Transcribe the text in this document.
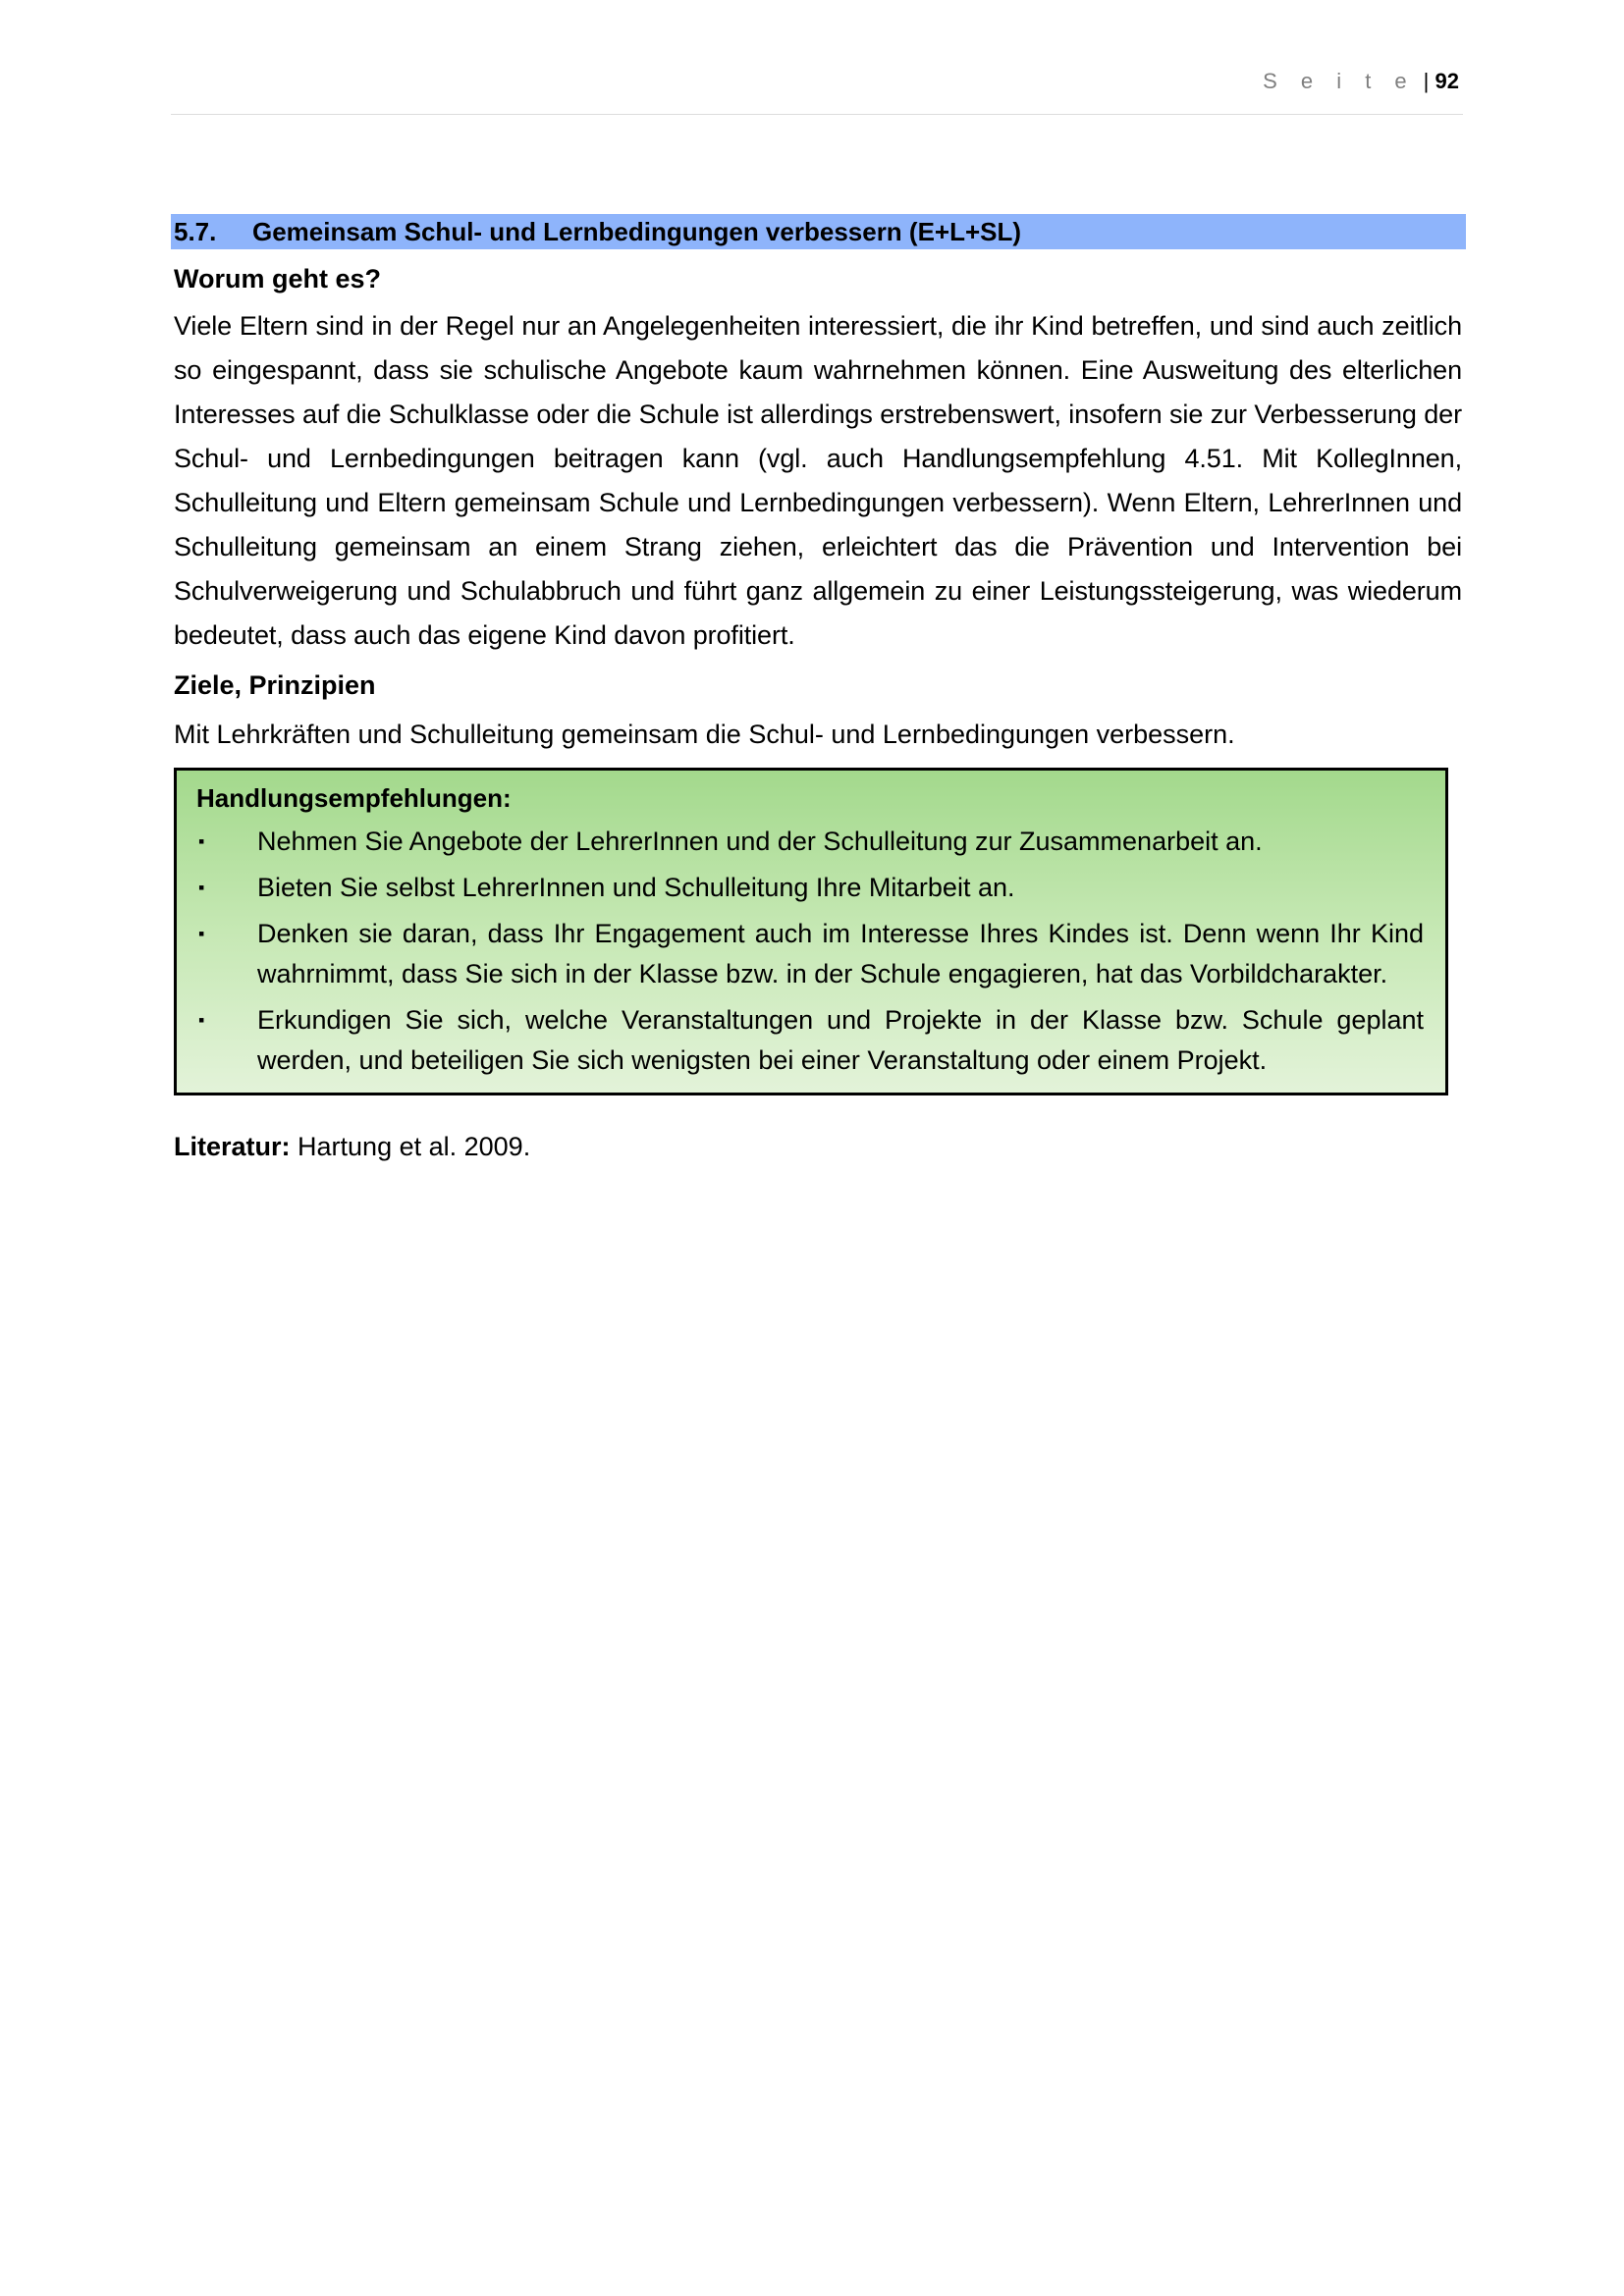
S e i t e | 92
5.7.	Gemeinsam Schul- und Lernbedingungen verbessern (E+L+SL)
Worum geht es?
Viele Eltern sind in der Regel nur an Angelegenheiten interessiert, die ihr Kind betreffen, und sind auch zeitlich so eingespannt, dass sie schulische Angebote kaum wahrnehmen können. Eine Ausweitung des elterlichen Interesses auf die Schulklasse oder die Schule ist allerdings erstrebenswert, insofern sie zur Verbesserung der Schul- und Lernbedingungen beitragen kann (vgl. auch Handlungsempfehlung 4.51. Mit KollegInnen, Schulleitung und Eltern gemeinsam Schule und Lernbedingungen verbessern). Wenn Eltern, LehrerInnen und Schulleitung gemeinsam an einem Strang ziehen, erleichtert das die Prävention und Intervention bei Schulverweigerung und Schulabbruch und führt ganz allgemein zu einer Leistungssteigerung, was wiederum bedeutet, dass auch das eigene Kind davon profitiert.
Ziele, Prinzipien
Mit Lehrkräften und Schulleitung gemeinsam die Schul- und Lernbedingungen verbessern.
Handlungsempfehlungen:
▪ Nehmen Sie Angebote der LehrerInnen und der Schulleitung zur Zusammenarbeit an.
▪ Bieten Sie selbst LehrerInnen und Schulleitung Ihre Mitarbeit an.
▪ Denken sie daran, dass Ihr Engagement auch im Interesse Ihres Kindes ist. Denn wenn Ihr Kind wahrnimmt, dass Sie sich in der Klasse bzw. in der Schule engagieren, hat das Vorbildcharakter.
▪ Erkundigen Sie sich, welche Veranstaltungen und Projekte in der Klasse bzw. Schule geplant werden, und beteiligen Sie sich wenigsten bei einer Veranstaltung oder einem Projekt.
Literatur: Hartung et al. 2009.
